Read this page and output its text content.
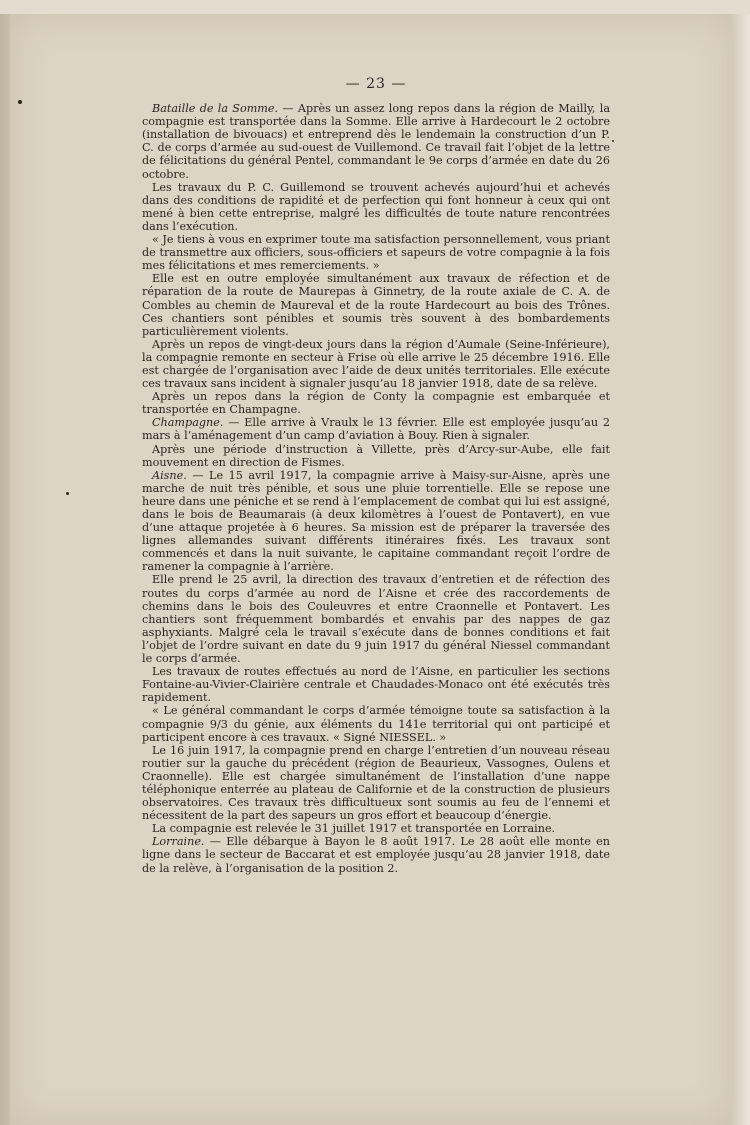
— 23 —

Bataille de la Somme. — Après un assez long repos dans la région de Mailly, la compagnie est transportée dans la Somme. Elle arrive à Hardecourt le 2 octobre (installation de bivouacs) et entreprend dès le lendemain la construction d’un P. C. de corps d’armée au sud-ouest de Vuillemond. Ce travail fait l’objet de la lettre de félicitations du général Pentel, commandant le 9e corps d’armée en date du 26 octobre.

Les travaux du P. C. Guillemond se trouvent achevés aujourd’hui et achevés dans des conditions de rapidité et de perfection qui font honneur à ceux qui ont mené à bien cette entreprise, malgré les difficultés de toute nature rencontrées dans l’exécution.

« Je tiens à vous en exprimer toute ma satisfaction personnellement, vous priant de transmettre aux officiers, sous-officiers et sapeurs de votre compagnie à la fois mes félicitations et mes remerciements. »

Elle est en outre employée simultanément aux travaux de réfection et de réparation de la route de Maurepas à Ginnetry, de la route axiale de C. A. de Combles au chemin de Maureval et de la route Hardecourt au bois des Trônes. Ces chantiers sont pénibles et soumis très souvent à des bombardements particulièrement violents.

Après un repos de vingt-deux jours dans la région d’Aumale (Seine-Inférieure), la compagnie remonte en secteur à Frise où elle arrive le 25 décembre 1916. Elle est chargée de l’organisation avec l’aide de deux unités territoriales. Elle exécute ces travaux sans incident à signaler jusqu’au 18 janvier 1918, date de sa relève.

Après un repos dans la région de Conty la compagnie est embarquée et transportée en Champagne.

Champagne. — Elle arrive à Vraulx le 13 février. Elle est employée jusqu’au 2 mars à l’aménagement d’un camp d’aviation à Bouy. Rien à signaler.

Après une période d’instruction à Villette, près d’Arcy-sur-Aube, elle fait mouvement en direction de Fismes.

Aisne. — Le 15 avril 1917, la compagnie arrive à Maisy-sur-Aisne, après une marche de nuit très pénible, et sous une pluie torrentielle. Elle se repose une heure dans une péniche et se rend à l’emplacement de combat qui lui est assigné, dans le bois de Beaumarais (à deux kilomètres à l’ouest de Pontavert), en vue d’une attaque projetée à 6 heures. Sa mission est de préparer la traversée des lignes allemandes suivant différents itinéraires fixés. Les travaux sont commencés et dans la nuit suivante, le capitaine commandant reçoit l’ordre de ramener la compagnie à l’arrière.

Elle prend le 25 avril, la direction des travaux d’entretien et de réfection des routes du corps d’armée au nord de l’Aisne et crée des raccordements de chemins dans le bois des Couleuvres et entre Craonnelle et Pontavert. Les chantiers sont fréquemment bombardés et envahis par des nappes de gaz asphyxiants. Malgré cela le travail s’exécute dans de bonnes conditions et fait l’objet de l’ordre suivant en date du 9 juin 1917 du général Niessel commandant le corps d’armée.

Les travaux de routes effectués au nord de l’Aisne, en particulier les sections Fontaine-au-Vivier-Clairière centrale et Chaudades-Monaco ont été exécutés très rapidement.

« Le général commandant le corps d’armée témoigne toute sa satisfaction à la compagnie 9/3 du génie, aux éléments du 141e territorial qui ont participé et participent encore à ces travaux. « Signé NIESSEL. »

Le 16 juin 1917, la compagnie prend en charge l’entretien d’un nouveau réseau routier sur la gauche du précédent (région de Beaurieux, Vassognes, Oulens et Craonnelle). Elle est chargée simultanément de l’installation d’une nappe téléphonique enterrée au plateau de Californie et de la construction de plusieurs observatoires. Ces travaux très difficultueux sont soumis au feu de l’ennemi et nécessitent de la part des sapeurs un gros effort et beaucoup d’énergie.

La compagnie est relevée le 31 juillet 1917 et transportée en Lorraine.

Lorraine. — Elle débarque à Bayon le 8 août 1917. Le 28 août elle monte en ligne dans le secteur de Baccarat et est employée jusqu’au 28 janvier 1918, date de la relève, à l’organisation de la position 2.
